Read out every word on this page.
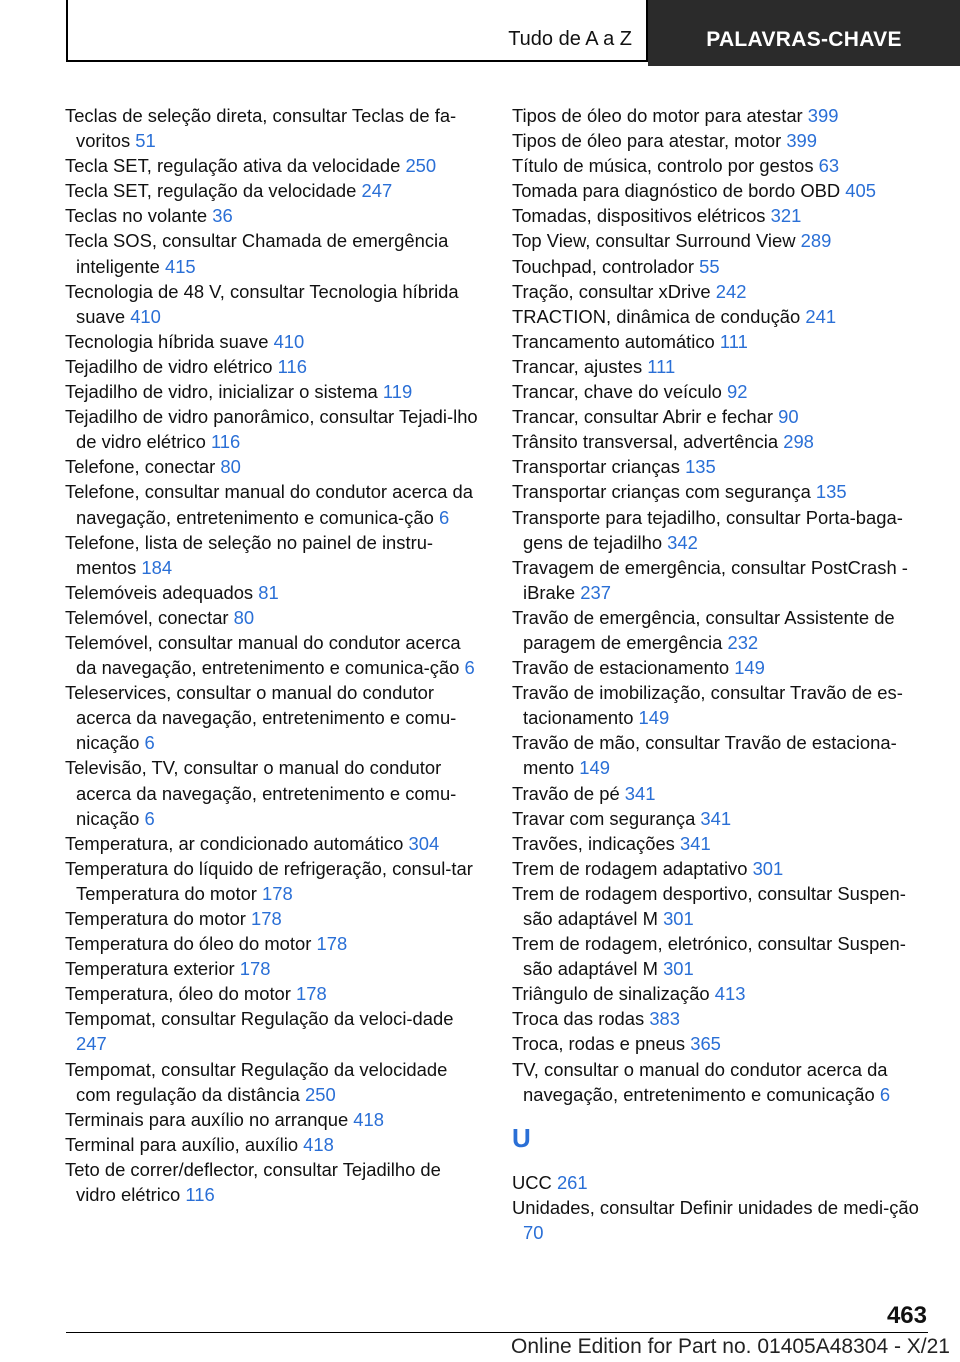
Tudo de A a Z	PALAVRAS-CHAVE
Teclas de seleção direta, consultar Teclas de fa‐voritos 51
Tecla SET, regulação ativa da velocidade 250
Tecla SET, regulação da velocidade 247
Teclas no volante 36
Tecla SOS, consultar Chamada de emergência inteligente 415
Tecnologia de 48 V, consultar Tecnologia híbrida suave 410
Tecnologia híbrida suave 410
Tejadilho de vidro elétrico 116
Tejadilho de vidro, inicializar o sistema 119
Tejadilho de vidro panorâmico, consultar Tejadi‐lho de vidro elétrico 116
Telefone, conectar 80
Telefone, consultar manual do condutor acerca da navegação, entretenimento e comunica‐ção 6
Telefone, lista de seleção no painel de instru‐mentos 184
Telemóveis adequados 81
Telemóvel, conectar 80
Telemóvel, consultar manual do condutor acerca da navegação, entretenimento e comunica‐ção 6
Teleservices, consultar o manual do condutor acerca da navegação, entretenimento e comu‐nicação 6
Televisão, TV, consultar o manual do condutor acerca da navegação, entretenimento e comu‐nicação 6
Temperatura, ar condicionado automático 304
Temperatura do líquido de refrigeração, consul‐tar Temperatura do motor 178
Temperatura do motor 178
Temperatura do óleo do motor 178
Temperatura exterior 178
Temperatura, óleo do motor 178
Tempomat, consultar Regulação da veloci‐dade 247
Tempomat, consultar Regulação da velocidade com regulação da distância 250
Terminais para auxílio no arranque 418
Terminal para auxílio, auxílio 418
Teto de correr/deflector, consultar Tejadilho de vidro elétrico 116
Tipos de óleo do motor para atestar 399
Tipos de óleo para atestar, motor 399
Título de música, controlo por gestos 63
Tomada para diagnóstico de bordo OBD 405
Tomadas, dispositivos elétricos 321
Top View, consultar Surround View 289
Touchpad, controlador 55
Tração, consultar xDrive 242
TRACTION, dinâmica de condução 241
Trancamento automático 111
Trancar, ajustes 111
Trancar, chave do veículo 92
Trancar, consultar Abrir e fechar 90
Trânsito transversal, advertência 298
Transportar crianças 135
Transportar crianças com segurança 135
Transporte para tejadilho, consultar Porta-baga‐gens de tejadilho 342
Travagem de emergência, consultar PostCrash - iBrake 237
Travão de emergência, consultar Assistente de paragem de emergência 232
Travão de estacionamento 149
Travão de imobilização, consultar Travão de es‐tacionamento 149
Travão de mão, consultar Travão de estaciona‐mento 149
Travão de pé 341
Travar com segurança 341
Travões, indicações 341
Trem de rodagem adaptativo 301
Trem de rodagem desportivo, consultar Suspen‐são adaptável M 301
Trem de rodagem, eletrónico, consultar Suspen‐são adaptável M 301
Triângulo de sinalização 413
Troca das rodas 383
Troca, rodas e pneus 365
TV, consultar o manual do condutor acerca da navegação, entretenimento e comunicação 6
U
UCC 261
Unidades, consultar Definir unidades de medi‐ção 70
463
Online Edition for Part no. 01405A48304 - X/21
